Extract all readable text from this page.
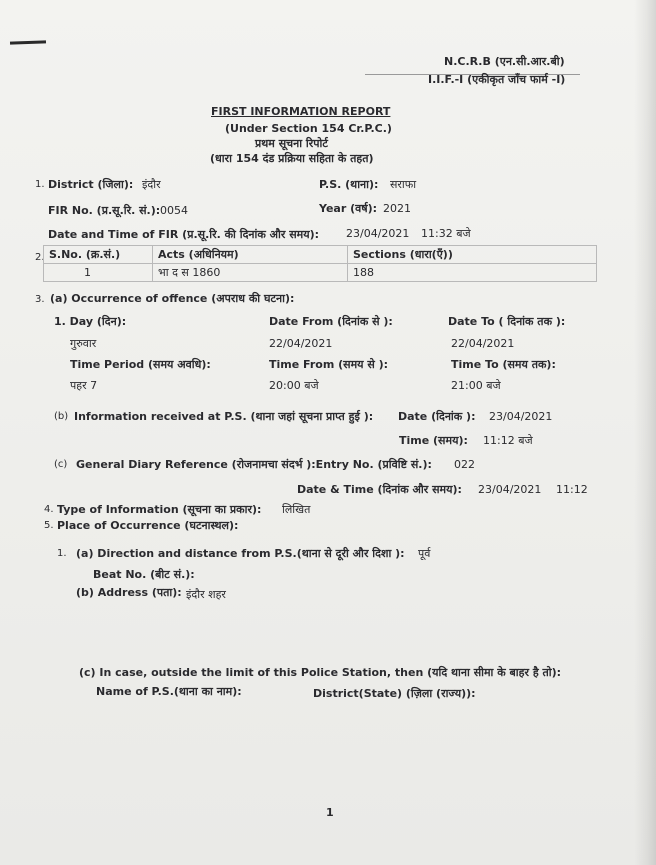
N.C.R.B (एन.सी.आर.बी)
I.I.F.-I (एकीकृत जाँच फार्म -I)
FIRST INFORMATION REPORT
(Under Section 154 Cr.P.C.)
प्रथम सूचना रिपोर्ट
(धारा 154 दंड प्रक्रिया सहिता के तहत)
1. District (जिला): इंदौर	P.S. (थाना): सराफा
FIR No. (प्र.सू.रि. सं.): 0054	Year (वर्ष): 2021
Date and Time of FIR (प्र.सू.रि. की दिनांक और समय): 23/04/2021 11:32 बजे
2. S.No. (क्र.सं.)	Acts (अधिनियम)	Sections (धारा(एँ))
1	भा द स 1860	188
3. (a) Occurrence of offence (अपराध की घटना):
1. Day (दिन):	Date From (दिनांक से ):	Date To ( दिनांक तक ):
गुरुवार	22/04/2021	22/04/2021
Time Period (समय अवधि):	Time From (समय से ):	Time To (समय तक):
पहर 7	20:00 बजे	21:00 बजे
(b) Information received at P.S. (थाना जहां सूचना प्राप्त हुई ): Date (दिनांक ): 23/04/2021
Time (समय): 11:12 बजे
(c) General Diary Reference (रोजनामचा संदर्भ ):Entry No. (प्रविष्टि सं.): 022
Date & Time (दिनांक और समय): 23/04/2021 11:12
4. Type of Information (सूचना का प्रकार): लिखित
5. Place of Occurrence (घटनास्थल):
1. (a) Direction and distance from P.S.(थाना से दूरी और दिशा ): पूर्व
Beat No. (बीट सं.):
(b) Address (पता): इंदौर शहर
(c) In case, outside the limit of this Police Station, then (यदि थाना सीमा के बाहर है तो):
Name of P.S.(थाना का नाम):	District(State) (ज़िला (राज्य)):
1
